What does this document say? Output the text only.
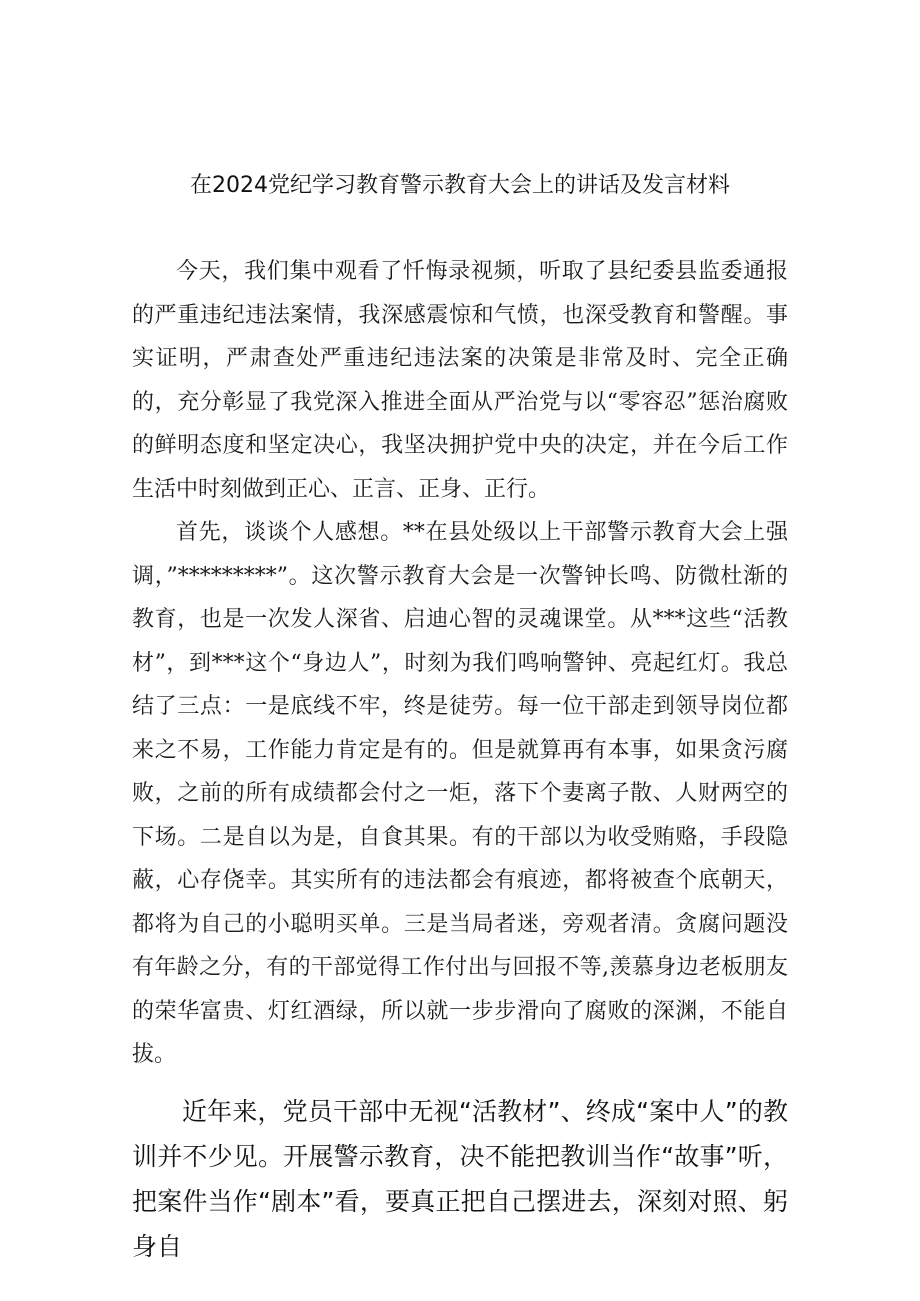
在2024党纪学习教育警示教育大会上的讲话及发言材料

今天，我们集中观看了忏悔录视频，听取了县纪委县监委通报的严重违纪违法案情，我深感震惊和气愤，也深受教育和警醒。事实证明，严肃查处严重违纪违法案的决策是非常及时、完全正确的，充分彰显了我党深入推进全面从严治党与以“零容忍”惩治腐败的鲜明态度和坚定决心，我坚决拥护党中央的决定，并在今后工作生活中时刻做到正心、正言、正身、正行。

首先，谈谈个人感想。**在县处级以上干部警示教育大会上强调，”*********”。这次警示教育大会是一次警钟长鸣、防微杜渐的教育，也是一次发人深省、启迪心智的灵魂课堂。从***这些“活教材”，到***这个“身边人”，时刻为我们鸣响警钟、亮起红灯。我总结了三点：一是底线不牢，终是徒劳。每一位干部走到领导岗位都来之不易，工作能力肯定是有的。但是就算再有本事，如果贪污腐败，之前的所有成绩都会付之一炬，落下个妻离子散、人财两空的下场。二是自以为是，自食其果。有的干部以为收受贿赂，手段隐蔽，心存侥幸。其实所有的违法都会有痕迹，都将被查个底朝天，都将为自己的小聪明买单。三是当局者迷，旁观者清。贪腐问题没有年龄之分，有的干部觉得工作付出与回报不等,羡慕身边老板朋友的荣华富贵、灯红酒绿，所以就一步步滑向了腐败的深渊，不能自拔。

近年来，党员干部中无视“活教材”、终成“案中人”的教训并不少见。开展警示教育，决不能把教训当作“故事”听，把案件当作“剧本”看，要真正把自己摆进去，深刻对照、躬身自
